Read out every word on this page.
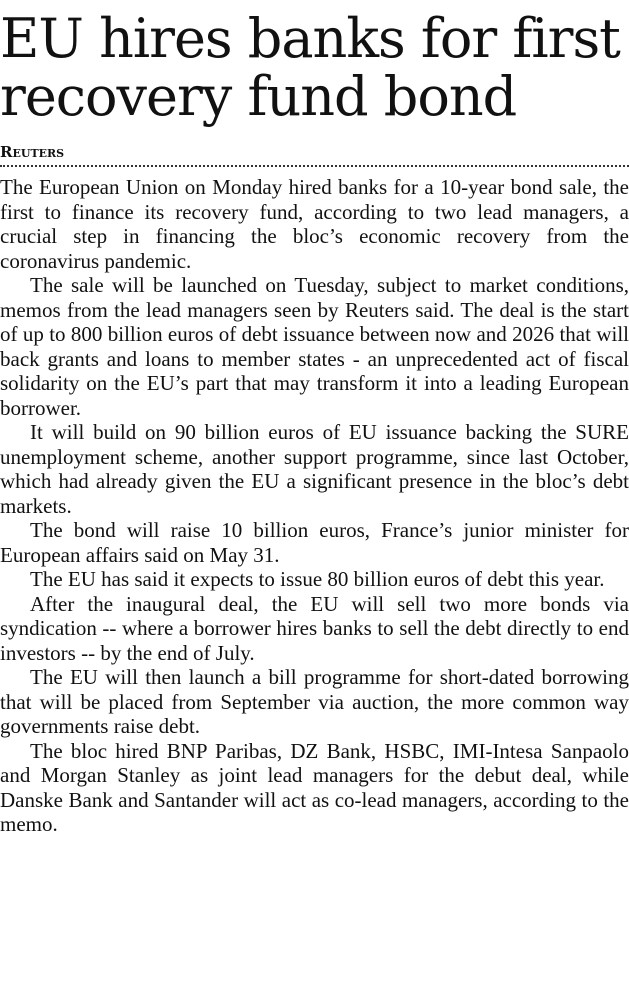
EU hires banks for first recovery fund bond
Reuters

The European Union on Monday hired banks for a 10-year bond sale, the first to finance its recovery fund, according to two lead managers, a crucial step in financing the bloc’s economic recovery from the coronavirus pandemic.

The sale will be launched on Tuesday, subject to market conditions, memos from the lead managers seen by Reuters said. The deal is the start of up to 800 billion euros of debt issuance between now and 2026 that will back grants and loans to member states - an unprecedented act of fiscal solidarity on the EU’s part that may transform it into a leading European borrower.

It will build on 90 billion euros of EU issuance backing the SURE unemployment scheme, another support programme, since last October, which had already given the EU a significant presence in the bloc’s debt markets.

The bond will raise 10 billion euros, France’s junior minister for European affairs said on May 31.

The EU has said it expects to issue 80 billion euros of debt this year.

After the inaugural deal, the EU will sell two more bonds via syndication -- where a borrower hires banks to sell the debt directly to end investors -- by the end of July.

The EU will then launch a bill programme for short-dated borrowing that will be placed from September via auction, the more common way governments raise debt.

The bloc hired BNP Paribas, DZ Bank, HSBC, IMI-Intesa Sanpaolo and Morgan Stanley as joint lead managers for the debut deal, while Danske Bank and Santander will act as co-lead managers, according to the memo.
